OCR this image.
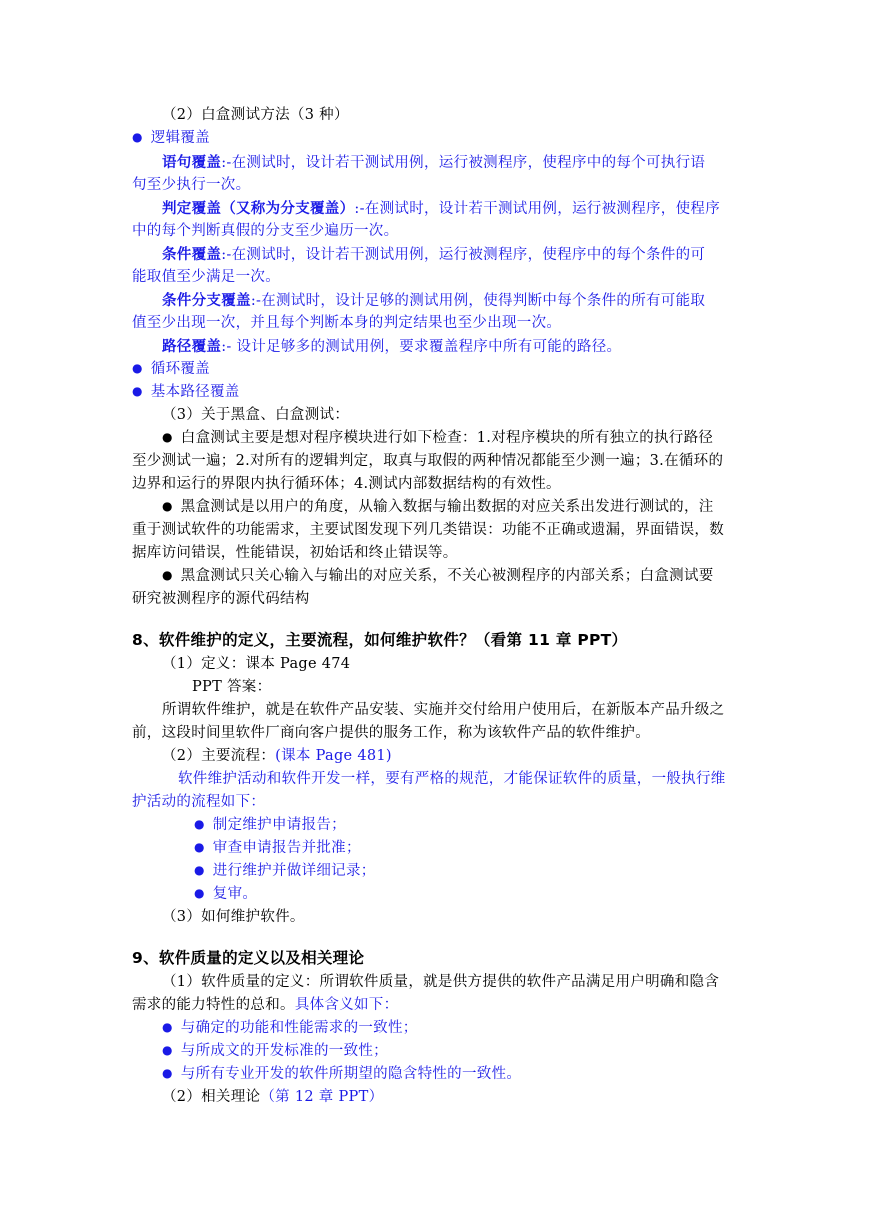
（2）白盒测试方法（3 种）
● 逻辑覆盖
语句覆盖:-在测试时，设计若干测试用例，运行被测程序，使程序中的每个可执行语
句至少执行一次。
判定覆盖（又称为分支覆盖）:-在测试时，设计若干测试用例，运行被测程序，使程序
中的每个判断真假的分支至少遍历一次。
条件覆盖:-在测试时，设计若干测试用例，运行被测程序，使程序中的每个条件的可
能取值至少满足一次。
条件分支覆盖:-在测试时，设计足够的测试用例，使得判断中每个条件的所有可能取
值至少出现一次，并且每个判断本身的判定结果也至少出现一次。
路径覆盖:- 设计足够多的测试用例，要求覆盖程序中所有可能的路径。
● 循环覆盖
● 基本路径覆盖
（3）关于黑盒、白盒测试：
● 白盒测试主要是想对程序模块进行如下检查：1.对程序模块的所有独立的执行路径
至少测试一遍；2.对所有的逻辑判定，取真与取假的两种情况都能至少测一遍；3.在循环的
边界和运行的界限内执行循环体；4.测试内部数据结构的有效性。
● 黑盒测试是以用户的角度，从输入数据与输出数据的对应关系出发进行测试的，注
重于测试软件的功能需求，主要试图发现下列几类错误：功能不正确或遗漏，界面错误，数
据库访问错误，性能错误，初始话和终止错误等。
● 黑盒测试只关心输入与输出的对应关系，不关心被测程序的内部关系；白盒测试要
研究被测程序的源代码结构
8、软件维护的定义，主要流程，如何维护软件？（看第 11 章 PPT）
（1）定义：课本 Page 474
PPT 答案：
所谓软件维护，就是在软件产品安装、实施并交付给用户使用后，在新版本产品升级之
前，这段时间里软件厂商向客户提供的服务工作，称为该软件产品的软件维护。
（2）主要流程：(课本 Page 481)
软件维护活动和软件开发一样，要有严格的规范，才能保证软件的质量，一般执行维
护活动的流程如下：
● 制定维护申请报告；
● 审查申请报告并批准；
● 进行维护并做详细记录；
● 复审。
（3）如何维护软件。
9、软件质量的定义以及相关理论
（1）软件质量的定义：所谓软件质量，就是供方提供的软件产品满足用户明确和隐含
需求的能力特性的总和。具体含义如下：
● 与确定的功能和性能需求的一致性；
● 与所成文的开发标准的一致性；
● 与所有专业开发的软件所期望的隐含特性的一致性。
（2）相关理论（第 12 章 PPT）
